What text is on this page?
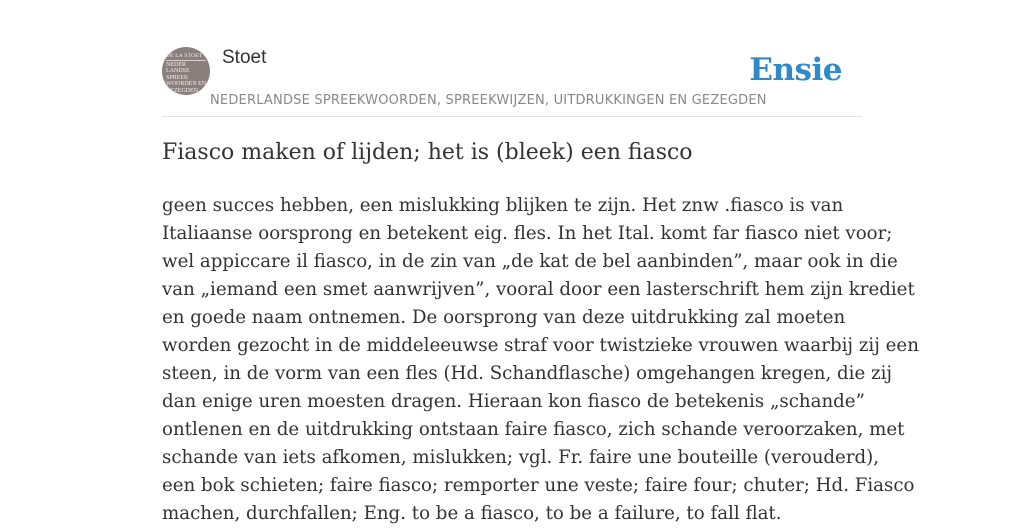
DE LA STOET
NEDER
LANDSE
SPREEK
WOORDEN EN
GEZEGDEN
Stoet
NEDERLANDSE SPREEKWOORDEN, SPREEKWIJZEN, UITDRUKKINGEN EN GEZEGDEN
Ensie
Fiasco maken of lijden; het is (bleek) een fiasco
geen succes hebben, een mislukking blijken te zijn. Het znw .fiasco is van
Italiaanse oorsprong en betekent eig. fles. In het Ital. komt far fiasco niet voor;
wel appiccare il fiasco, in de zin van „de kat de bel aanbinden”, maar ook in die
van „iemand een smet aanwrijven”, vooral door een lasterschrift hem zijn krediet
en goede naam ontnemen. De oorsprong van deze uitdrukking zal moeten
worden gezocht in de middeleeuwse straf voor twistzieke vrouwen waarbij zij een
steen, in de vorm van een fles (Hd. Schandflasche) omgehangen kregen, die zij
dan enige uren moesten dragen. Hieraan kon fiasco de betekenis „schande”
ontlenen en de uitdrukking ontstaan faire fiasco, zich schande veroorzaken, met
schande van iets afkomen, mislukken; vgl. Fr. faire une bouteille (verouderd),
een bok schieten; faire fiasco; remporter une veste; faire four; chuter; Hd. Fiasco
machen, durchfallen; Eng. to be a fiasco, to be a failure, to fall flat.
